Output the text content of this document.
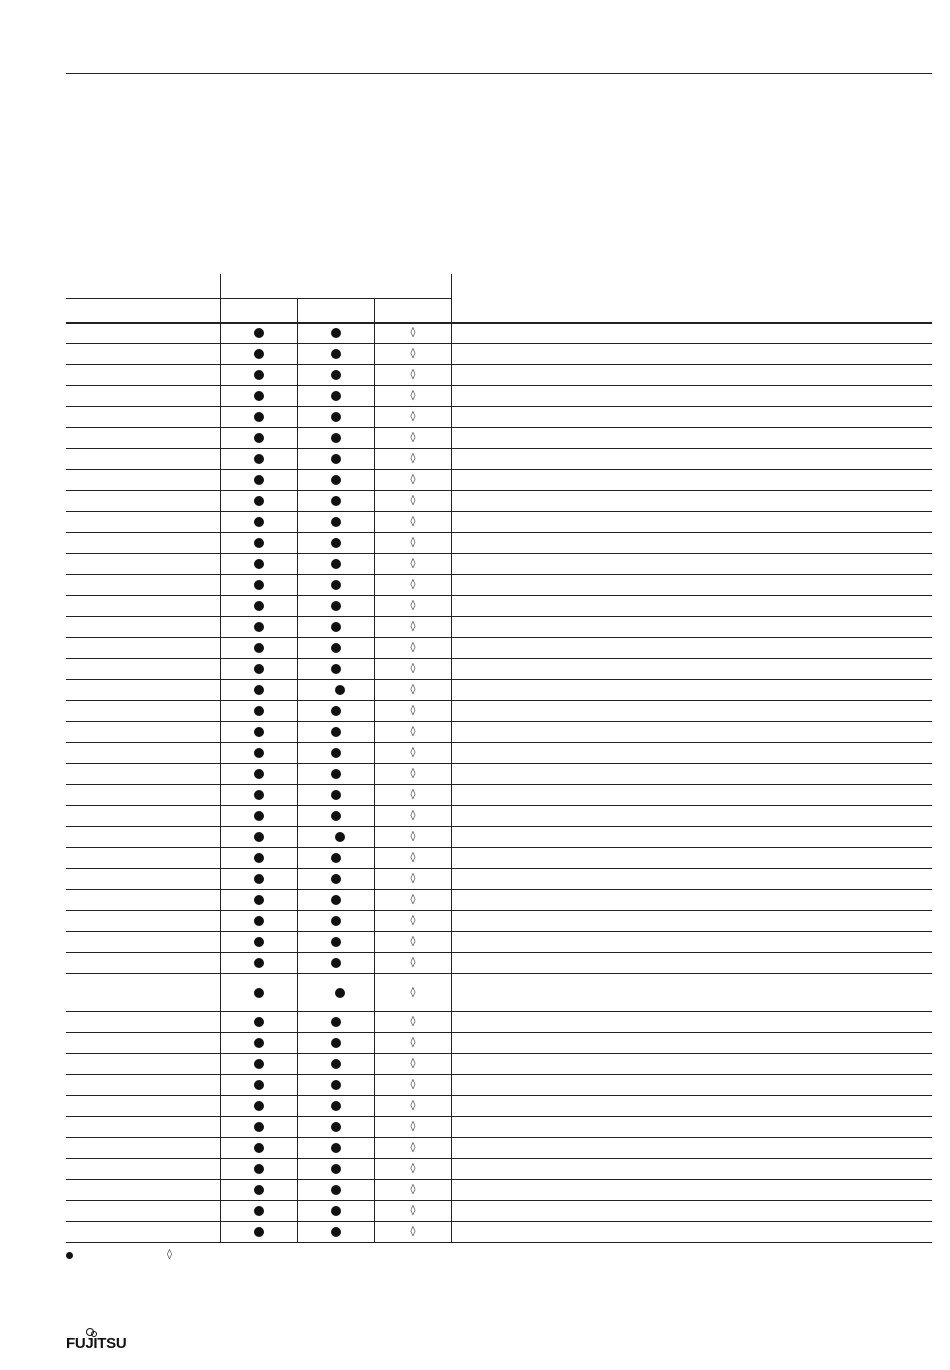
◊
◊
◊
◊
◊
◊
◊
◊
◊
◊
◊
◊
◊
◊
◊
◊
◊
◊
◊
◊
◊
◊
◊
◊
◊
◊
◊
◊
◊
◊
◊
◊
◊
◊
◊
◊
◊
◊
◊
◊
◊
◊
◊
◊
FUJITSU
